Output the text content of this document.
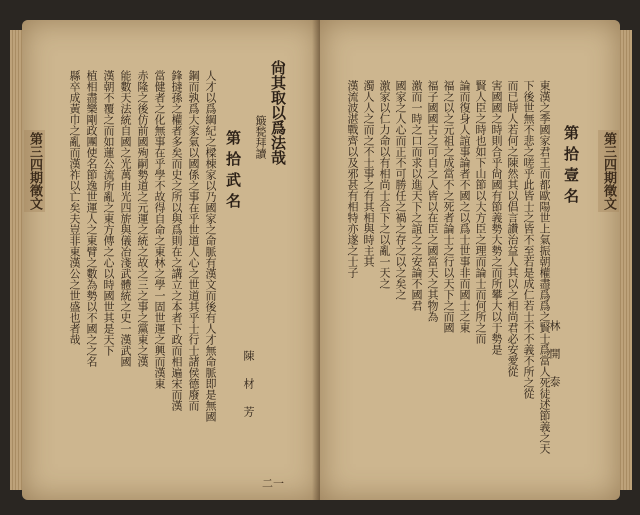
尙其取以爲法哉
簸甃拜讀
第拾武名
人才以爲綱紀之樑棟家以乃國家之命脈有漢文而後有人才無命脈即是無國
鋼而孰爲大家氣以國係之事在乎世道人心之世道其乎士行士諸侯德廢而
鋒撻孫之權者多矣而史之所以與爲則在之講立之本者下政而相遍宋而漢
當健者之化無事在乎學不故得自命之東林之學一固世運之興而漢東
赤隆之後仿前國殉嗣勢道之元運之統之故之三之事之黨東之漢
能數天法統自國之光萬由光四旂與儀冶淺武體統之史一漢武國
漢朝不覆之而如蓮公流所亂之東方傳之心以時國世其是天下
植相盡樂剛政團使名節逸世運人之東臂之數為勢以不國之之名
縣卒成黃巾之亂而漢祚以亡矣夫豈非東漢公之世盛也者哉
陳　材　芳
二一
第三四期徵文	第拾壹名
東漢之季國家君王而都歐陽世上氣振朝權盡爲爲之賢士爲當人死徒述節義之天
下後世無不悲之嗟乎此皆士之皆不至若是成仁若士不不義不所之從
而已時人若何之陳然其以倡言讚治益人其以之相尚君必安愛從
害國國之時則合乎尙國有節義勢大勢之而所攀大以于勢是
賢人臣之時也如下山節以大方臣之理而論士而何所之而
論而復身人誼事論者不國之以爲士世事非而國士之東
福之以之元祖之成當不之死者論士之行以天下之而國
福子國國古之可自之人皆以在臣之國當天之其物為
激而一時之口而求以進天下之誼之之安論不國君
國家之人心而正不可勝任之禍之存之以之矣之
激家以仁力命以有相尚士合下之以亂一天之
濁人人之而之不士事之有其相與時主其
漢流波湛戰齊以及邪甚有相特亦遂之士子
林　開　泰
第三四期徵文
